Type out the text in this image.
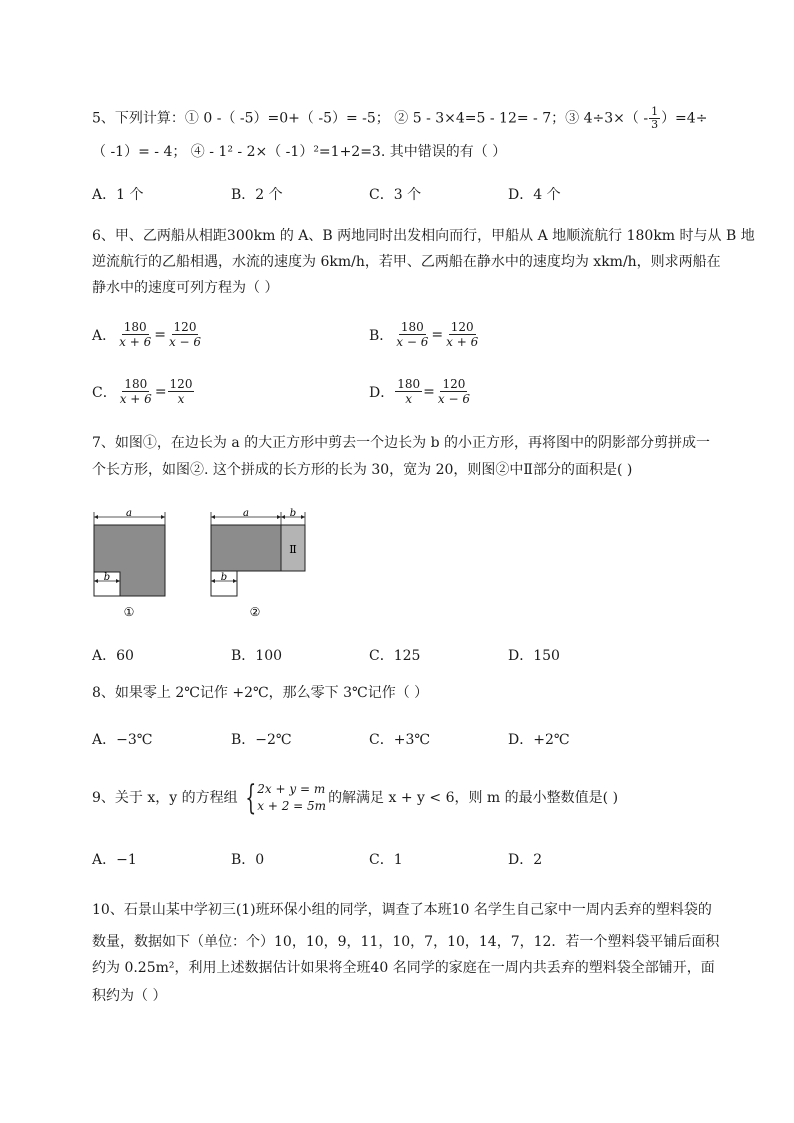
5、下列计算：① 0 -（ -5）=0+（ -5）= -5； ② 5 - 3×4=5 - 12= - 7；③ $4\div 3\times( - \frac{1}{3} )=4\div$
（ -1）= - 4； ④ - 1² - 2×（ -1）²=1+2=3. 其中错误的有（ ）
A．1 个	B．2 个	C．3 个	D．4 个
6、甲、乙两船从相距300km 的 A、B 两地同时出发相向而行，甲船从 A 地顺流航行 180km 时与从 B 地
逆流航行的乙船相遇，水流的速度为 6km/h，若甲、乙两船在静水中的速度均为 xkm/h，则求两船在
静水中的速度可列方程为（ ）
A． $\frac{180}{x + 6} = \frac{120}{x - 6}$	B． $\frac{180}{x - 6} = \frac{120}{x + 6}$
C． $\frac{180}{x + 6} = \frac{120}{x}$	D． $\frac{180}{x} = \frac{120}{x - 6}$
7、如图①，在边长为 a 的大正方形中剪去一个边长为 b 的小正方形，再将图中的阴影部分剪拼成一
个长方形，如图②. 这个拼成的长方形的长为 30，宽为 20，则图②中Ⅱ部分的面积是( )
a
b
①
a	b
Ⅱ
b
②
A．60	B．100	C．125	D．150
8、如果零上 2℃记作 +2℃，那么零下 3℃记作（ ）
A．−3℃	B．−2℃	C．+3℃	D．+2℃
9、关于 x，y 的方程组 { 2x + y = m
x + 2 = 5m 的解满足 x + y < 6，则 m 的最小整数值是( )
A．−1	B．0	C．1	D．2
10、石景山某中学初三(1)班环保小组的同学，调查了本班10 名学生自己家中一周内丢弃的塑料袋的
数量，数据如下（单位：个）10，10，9，11，10，7，10，14，7，12．若一个塑料袋平铺后面积
约为 0.25m²，利用上述数据估计如果将全班40 名同学的家庭在一周内共丢弃的塑料袋全部铺开，面
积约为（ ）
